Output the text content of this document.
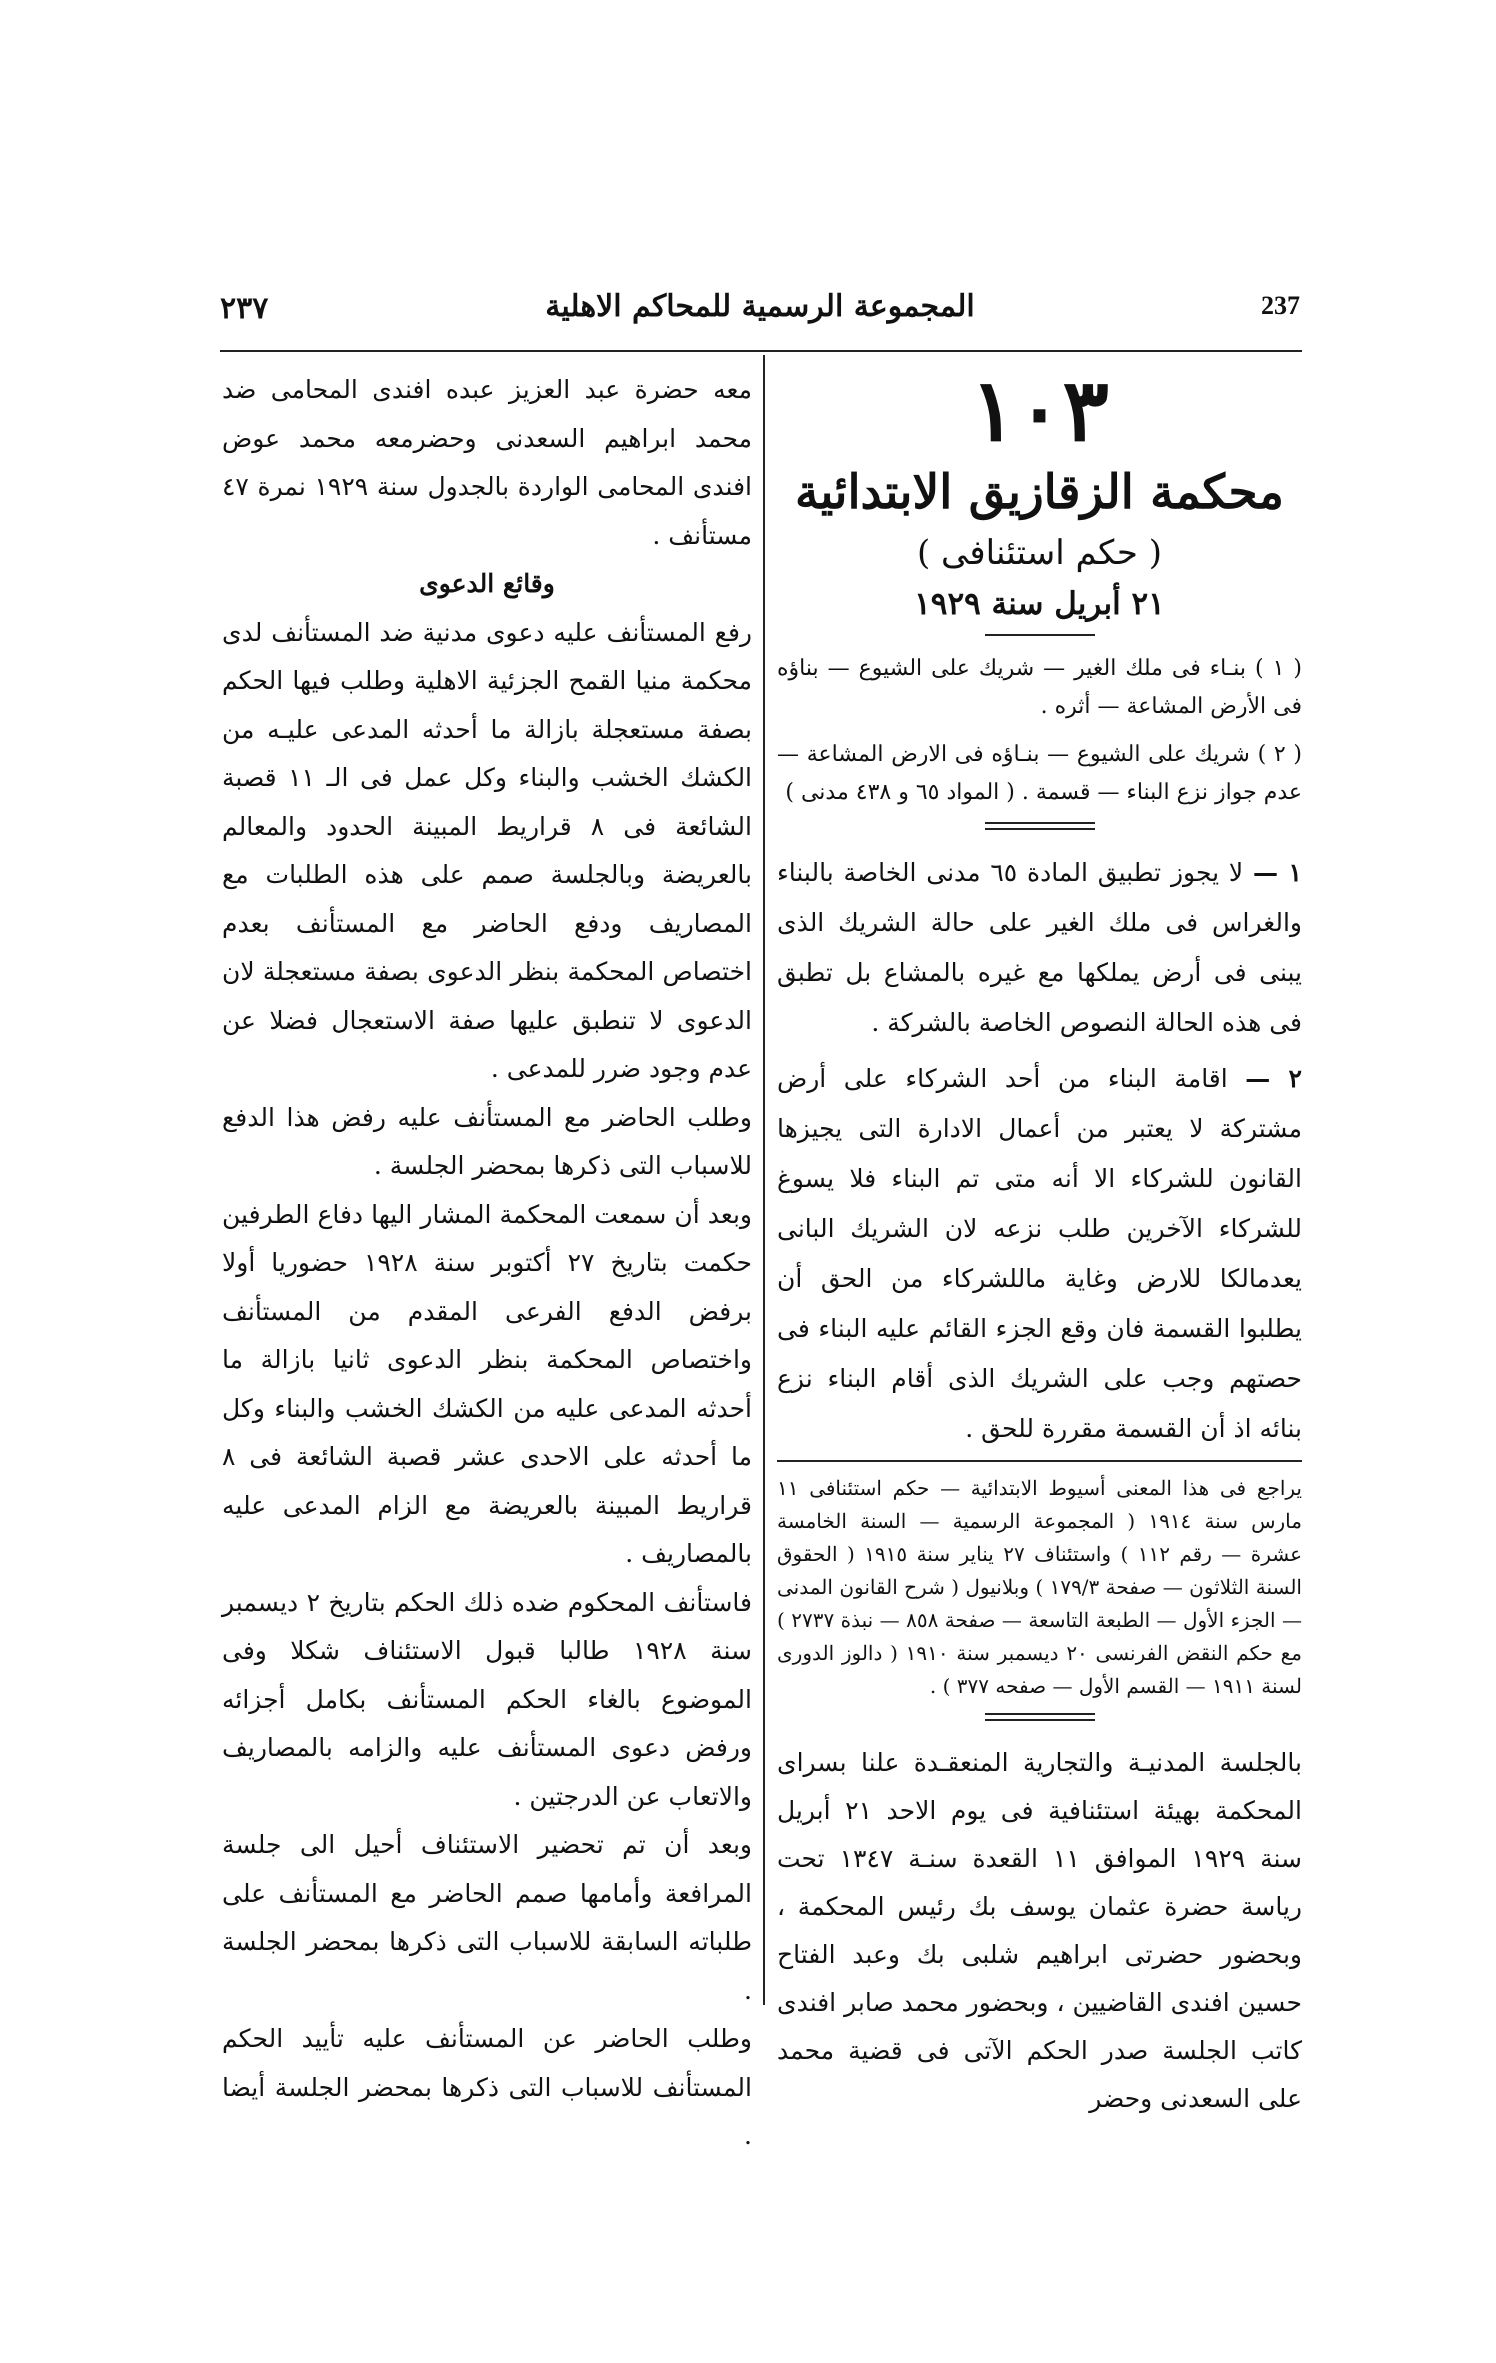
٢٣٧	المجموعة الرسمية للمحاكم الاهلية	237
١٠٣
محكمة الزقازيق الابتدائية
( حكم استئنافى )
٢١ أبريل سنة ١٩٢٩

( ١ ) بنـاء فى ملك الغير — شريك على الشيوع — بناؤه فى الأرض المشاعة — أثره .

( ٢ ) شريك على الشيوع — بنـاؤه فى الارض المشاعة — عدم جواز نزع البناء — قسمة . ( المواد ٦٥ و ٤٣٨ مدنى )

١ — لا يجوز تطبيق المادة ٦٥ مدنى الخاصة بالبناء والغراس فى ملك الغير على حالة الشريك الذى يبنى فى أرض يملكها مع غيره بالمشاع بل تطبق فى هذه الحالة النصوص الخاصة بالشركة .

٢ — اقامة البناء من أحد الشركاء على أرض مشتركة لا يعتبر من أعمال الادارة التى يجيزها القانون للشركاء الا أنه متى تم البناء فلا يسوغ للشركاء الآخرين طلب نزعه لان الشريك البانى يعدمالكا للارض وغاية ماللشركاء من الحق أن يطلبوا القسمة فان وقع الجزء القائم عليه البناء فى حصتهم وجب على الشريك الذى أقام البناء نزع بنائه اذ أن القسمة مقررة للحق .

يراجع فى هذا المعنى أسيوط الابتدائية — حكم استئنافى ١١ مارس سنة ١٩١٤ ( المجموعة الرسمية — السنة الخامسة عشرة — رقم ١١٢ ) واستئناف ٢٧ يناير سنة ١٩١٥ ( الحقوق السنة الثلاثون — صفحة ١٧٩/٣ ) وبلانيول ( شرح القانون المدنى — الجزء الأول — الطبعة التاسعة — صفحة ٨٥٨ — نبذة ٢٧٣٧ ) مع حكم النقض الفرنسى ٢٠ ديسمبر سنة ١٩١٠ ( دالوز الدورى لسنة ١٩١١ — القسم الأول — صفحه ٣٧٧ ) .

بالجلسة المدنيـة والتجارية المنعقـدة علنا بسراى المحكمة بهيئة استئنافية فى يوم الاحد ٢١ أبريل سنة ١٩٢٩ الموافق ١١ القعدة سنـة ١٣٤٧ تحت رياسة حضرة عثمان يوسف بك رئيس المحكمة ، وبحضور حضرتى ابراهيم شلبى بك وعبد الفتاح حسين افندى القاضيين ، وبحضور محمد صابر افندى كاتب الجلسة صدر الحكم الآتى فى قضية محمد على السعدنى وحضر

معه حضرة عبد العزيز عبده افندى المحامى ضد محمد ابراهيم السعدنى وحضرمعه محمد عوض افندى المحامى الواردة بالجدول سنة ١٩٢٩ نمرة ٤٧ مستأنف .

وقائع الدعوى

رفع المستأنف عليه دعوى مدنية ضد المستأنف لدى محكمة منيا القمح الجزئية الاهلية وطلب فيها الحكم بصفة مستعجلة بازالة ما أحدثه المدعى عليـه من الكشك الخشب والبناء وكل عمل فى الـ ١١ قصبة الشائعة فى ٨ قراريط المبينة الحدود والمعالم بالعريضة وبالجلسة صمم على هذه الطلبات مع المصاريف ودفع الحاضر مع المستأنف بعدم اختصاص المحكمة بنظر الدعوى بصفة مستعجلة لان الدعوى لا تنطبق عليها صفة الاستعجال فضلا عن عدم وجود ضرر للمدعى .

وطلب الحاضر مع المستأنف عليه رفض هذا الدفع للاسباب التى ذكرها بمحضر الجلسة .

وبعد أن سمعت المحكمة المشار اليها دفاع الطرفين حكمت بتاريخ ٢٧ أكتوبر سنة ١٩٢٨ حضوريا أولا برفض الدفع الفرعى المقدم من المستأنف واختصاص المحكمة بنظر الدعوى ثانيا بازالة ما أحدثه المدعى عليه من الكشك الخشب والبناء وكل ما أحدثه على الاحدى عشر قصبة الشائعة فى ٨ قراريط المبينة بالعريضة مع الزام المدعى عليه بالمصاريف .

فاستأنف المحكوم ضده ذلك الحكم بتاريخ ٢ ديسمبر سنة ١٩٢٨ طالبا قبول الاستئناف شكلا وفى الموضوع بالغاء الحكم المستأنف بكامل أجزائه ورفض دعوى المستأنف عليه والزامه بالمصاريف والاتعاب عن الدرجتين .

وبعد أن تم تحضير الاستئناف أحيل الى جلسة المرافعة وأمامها صمم الحاضر مع المستأنف على طلباته السابقة للاسباب التى ذكرها بمحضر الجلسة .

وطلب الحاضر عن المستأنف عليه تأييد الحكم المستأنف للاسباب التى ذكرها بمحضر الجلسة أيضا .
